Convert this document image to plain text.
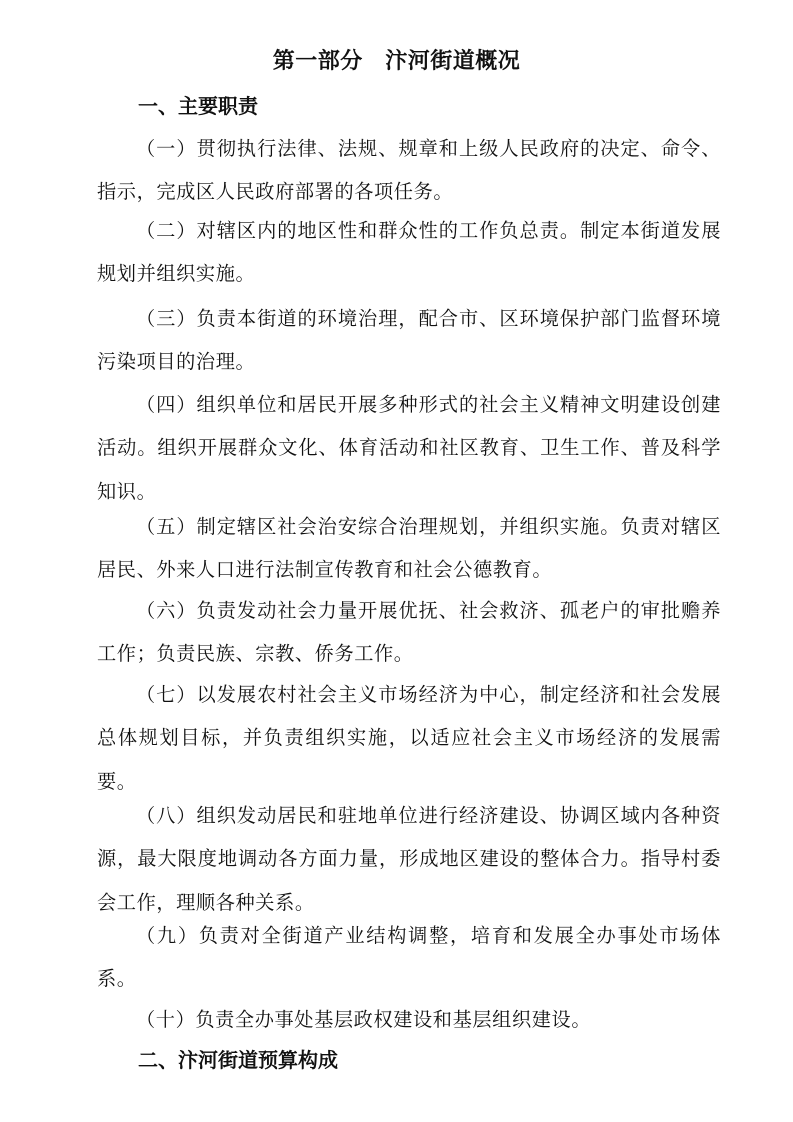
第一部分　汴河街道概况
一、主要职责

（一）贯彻执行法律、法规、规章和上级人民政府的决定、命令、指示，完成区人民政府部署的各项任务。

（二）对辖区内的地区性和群众性的工作负总责。制定本街道发展规划并组织实施。

（三）负责本街道的环境治理，配合市、区环境保护部门监督环境污染项目的治理。

（四）组织单位和居民开展多种形式的社会主义精神文明建设创建活动。组织开展群众文化、体育活动和社区教育、卫生工作、普及科学知识。

（五）制定辖区社会治安综合治理规划，并组织实施。负责对辖区居民、外来人口进行法制宣传教育和社会公德教育。

（六）负责发动社会力量开展优抚、社会救济、孤老户的审批赡养工作；负责民族、宗教、侨务工作。

（七）以发展农村社会主义市场经济为中心，制定经济和社会发展总体规划目标，并负责组织实施，以适应社会主义市场经济的发展需要。

（八）组织发动居民和驻地单位进行经济建设、协调区域内各种资源，最大限度地调动各方面力量，形成地区建设的整体合力。指导村委会工作，理顺各种关系。

（九）负责对全街道产业结构调整，培育和发展全办事处市场体系。

（十）负责全办事处基层政权建设和基层组织建设。

二、汴河街道预算构成
